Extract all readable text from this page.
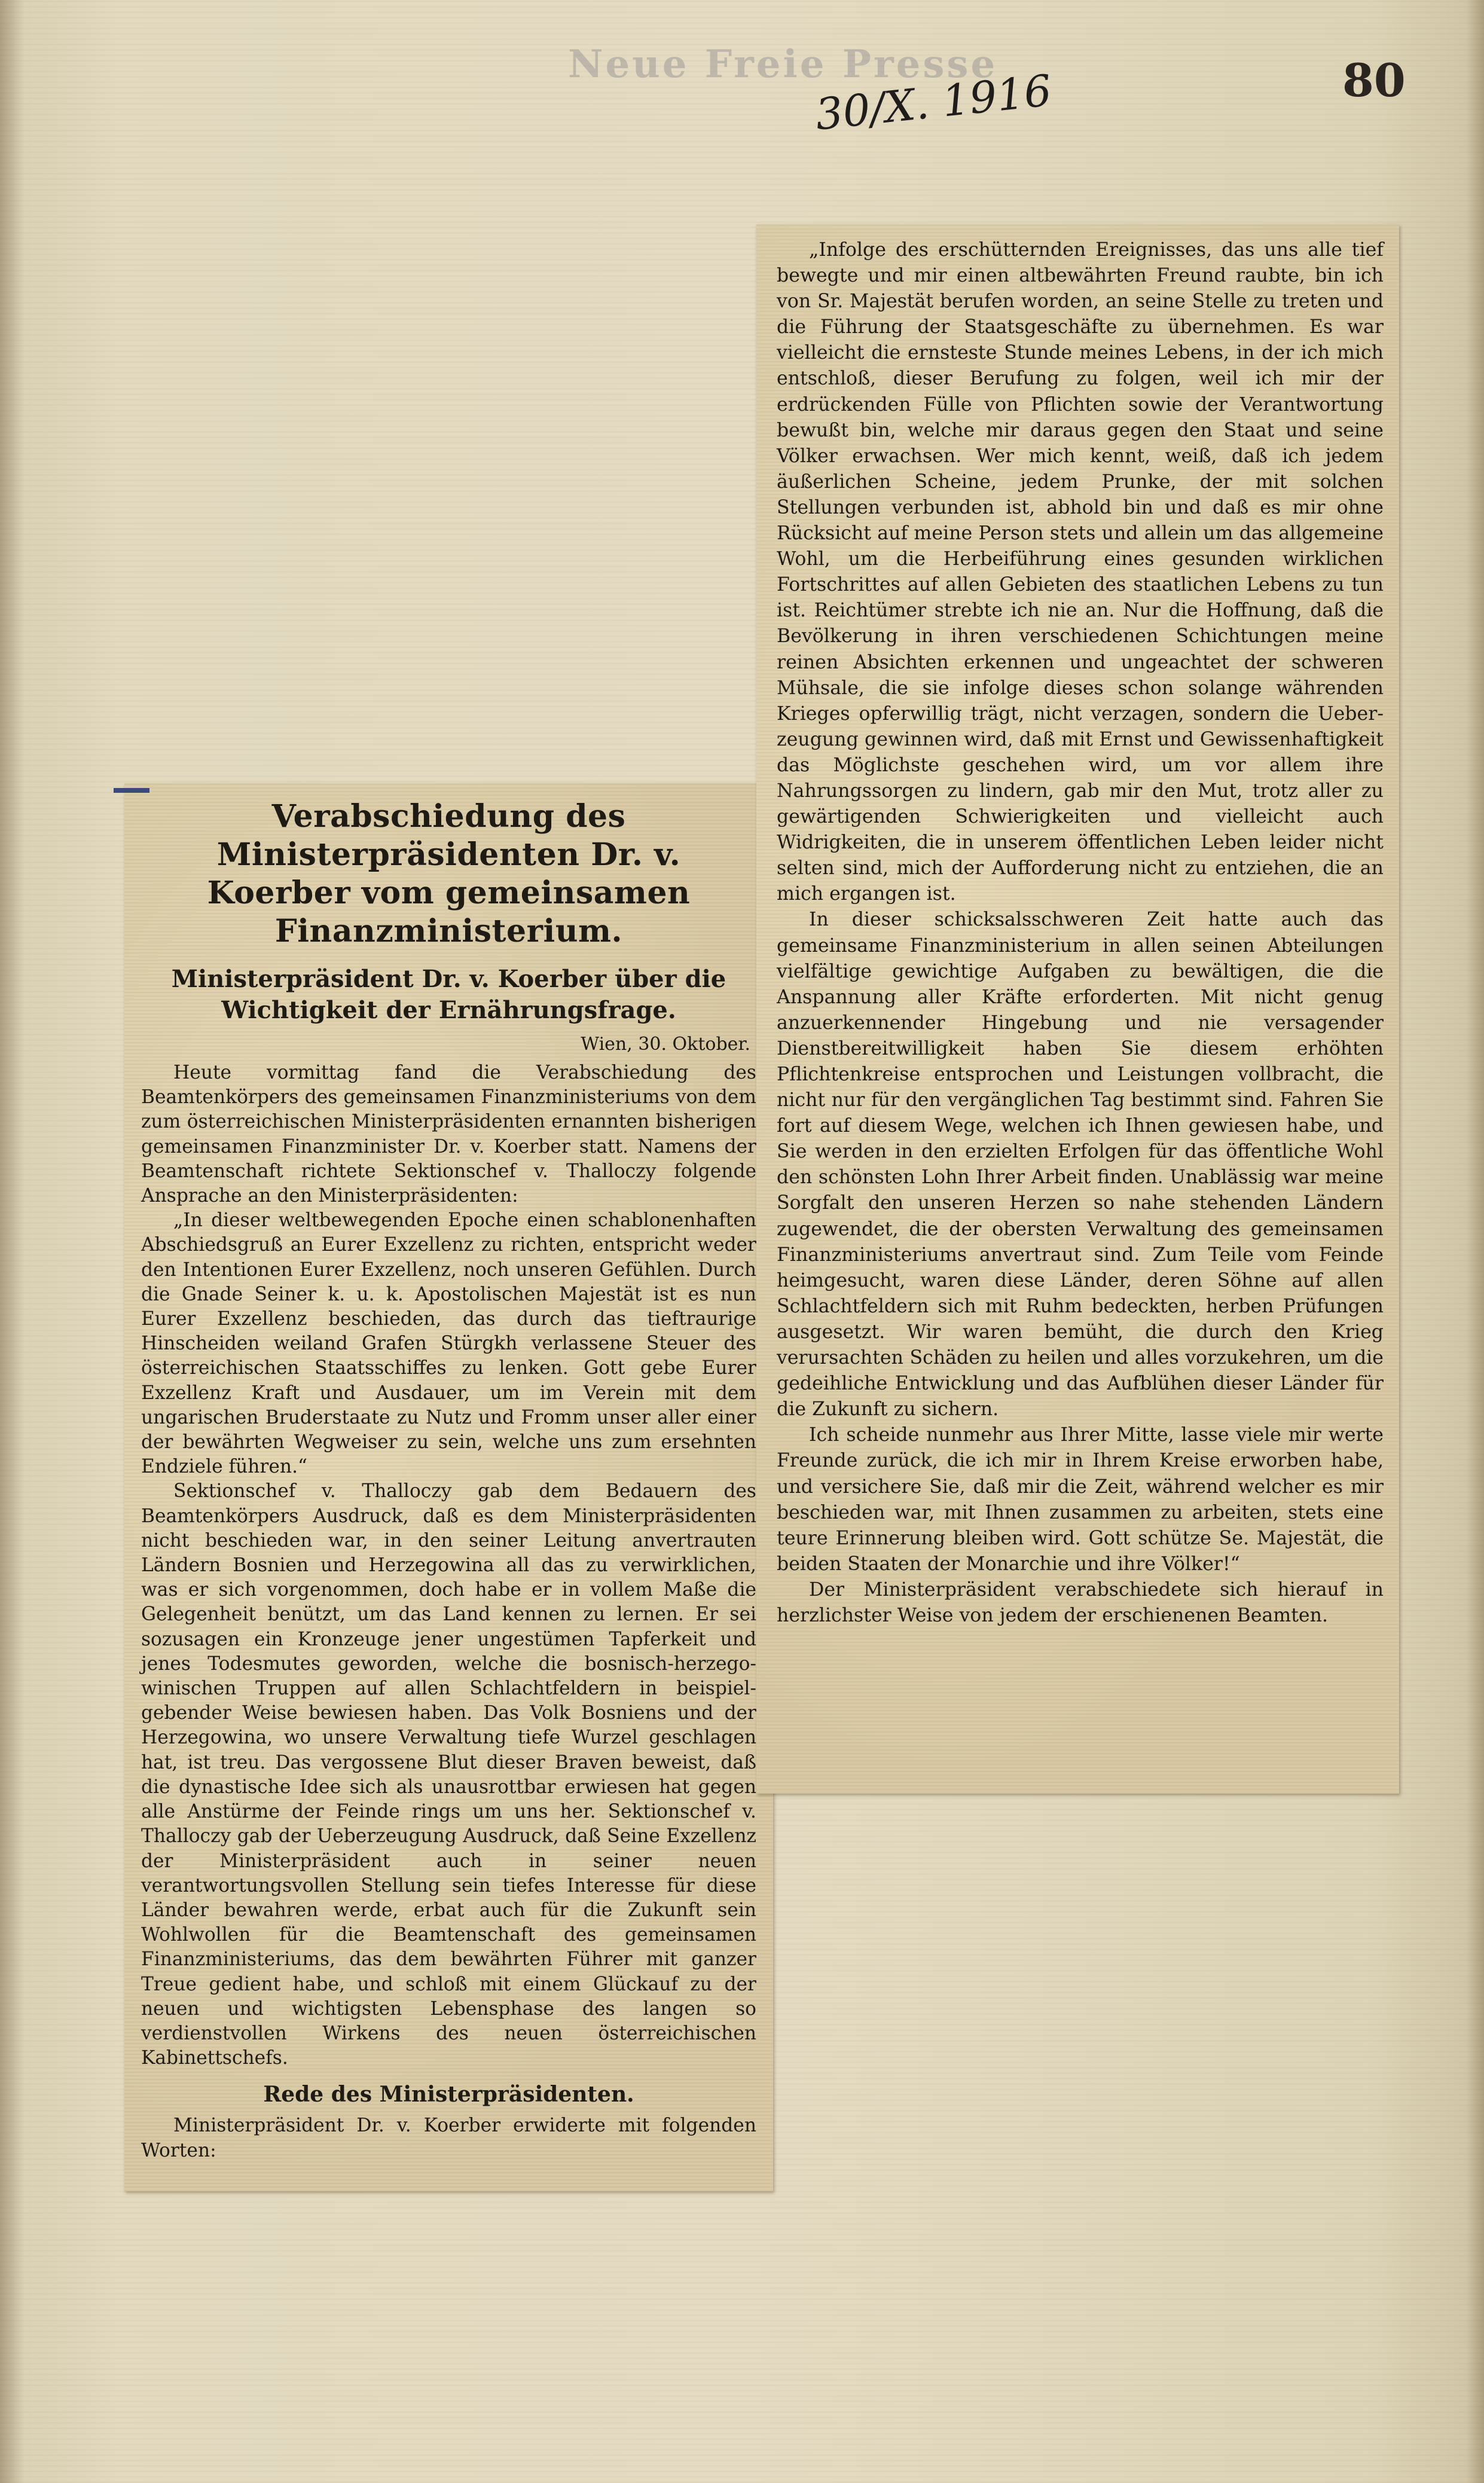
Neue Freie Presse	80
30/X. 1916
Verabschiedung des Ministerpräsidenten Dr. v. Koerber vom gemeinsamen Finanzministerium.
Ministerpräsident Dr. v. Koerber über die Wichtigkeit der Ernährungsfrage.
Wien, 30. Oktober.

Heute vormittag fand die Verabschiedung des Beamtenkörpers des gemeinsamen Finanzministeriums von dem zum österreichischen Ministerpräsidenten ernannten bisherigen gemeinsamen Finanzminister Dr. v. Koerber statt. Namens der Beamtenschaft richtete Sektionschef v. Thalloczy folgende Ansprache an den Ministerpräsidenten:

„In dieser weltbewegenden Epoche einen schablonenhaften Abschiedsgruß an Eurer Exzellenz zu richten, entspricht weder den Intentionen Eurer Exzellenz, noch unseren Gefühlen. Durch die Gnade Seiner k. u. k. Apostolischen Majestät ist es nun Eurer Exzellenz beschieden, das durch das tieftraurige Hinscheiden weiland Grafen Stürgkh verlassene Steuer des österreichischen Staatsschiffes zu lenken. Gott gebe Eurer Exzellenz Kraft und Ausdauer, um im Verein mit dem ungarischen Bruderstaate zu Nutz und Fromm unser aller einer der bewährten Wegweiser zu sein, welche uns zum ersehnten Endziele führen.“

Sektionschef v. Thalloczy gab dem Bedauern des Beamtenkörpers Ausdruck, daß es dem Ministerpräsidenten nicht beschieden war, in den seiner Leitung anvertrauten Ländern Bosnien und Herzegowina all das zu verwirklichen, was er sich vorgenommen, doch habe er in vollem Maße die Gelegenheit benützt, um das Land kennen zu lernen. Er sei sozusagen ein Kronzeuge jener ungestümen Tapferkeit und jenes Todesmutes geworden, welche die bosnisch-herzegowinischen Truppen auf allen Schlachtfeldern in beispielgebender Weise bewiesen haben. Das Volk Bosniens und der Herzegowina, wo unsere Verwaltung tiefe Wurzel geschlagen hat, ist treu. Das vergossene Blut dieser Braven beweist, daß die dynastische Idee sich als unausrottbar erwiesen hat gegen alle Anstürme der Feinde rings um uns her. Sektionschef v. Thalloczy gab der Ueberzeugung Ausdruck, daß Seine Exzellenz der Ministerpräsident auch in seiner neuen verantwortungsvollen Stellung sein tiefes Interesse für diese Länder bewahren werde, erbat auch für die Zukunft sein Wohlwollen für die Beamtenschaft des gemeinsamen Finanzministeriums, das dem bewährten Führer mit ganzer Treue gedient habe, und schloß mit einem Glückauf zu der neuen und wichtigsten Lebensphase des langen so verdienstvollen Wirkens des neuen österreichischen Kabinettschefs.

Rede des Ministerpräsidenten.

Ministerpräsident Dr. v. Koerber erwiderte mit folgenden Worten:

„Infolge des erschütternden Ereignisses, das uns alle tief bewegte und mir einen altbewährten Freund raubte, bin ich von Sr. Majestät berufen worden, an seine Stelle zu treten und die Führung der Staatsgeschäfte zu übernehmen. Es war vielleicht die ernsteste Stunde meines Lebens, in der ich mich entschloß, dieser Berufung zu folgen, weil ich mir der erdrückenden Fülle von Pflichten sowie der Verantwortung bewußt bin, welche mir daraus gegen den Staat und seine Völker erwachsen. Wer mich kennt, weiß, daß ich jedem äußerlichen Scheine, jedem Prunke, der mit solchen Stellungen verbunden ist, abhold bin und daß es mir ohne Rücksicht auf meine Person stets und allein um das allgemeine Wohl, um die Herbeiführung eines gesunden wirklichen Fortschrittes auf allen Gebieten des staatlichen Lebens zu tun ist. Reichtümer strebte ich nie an. Nur die Hoffnung, daß die Bevölkerung in ihren verschiedenen Schichtungen meine reinen Absichten erkennen und ungeachtet der schweren Mühsale, die sie infolge dieses schon solange währenden Krieges opferwillig trägt, nicht verzagen, sondern die Ueberzeugung gewinnen wird, daß mit Ernst und Gewissenhaftigkeit das Möglichste geschehen wird, um vor allem ihre Nahrungssorgen zu lindern, gab mir den Mut, trotz aller zu gewärtigenden Schwierigkeiten und vielleicht auch Widrigkeiten, die in unserem öffentlichen Leben leider nicht selten sind, mich der Aufforderung nicht zu entziehen, die an mich ergangen ist.

In dieser schicksalsschweren Zeit hatte auch das gemeinsame Finanzministerium in allen seinen Abteilungen vielfältige gewichtige Aufgaben zu bewältigen, die die Anspannung aller Kräfte erforderten. Mit nicht genug anzuerkennender Hingebung und nie versagender Dienstbereitwilligkeit haben Sie diesem erhöhten Pflichtenkreise entsprochen und Leistungen vollbracht, die nicht nur für den vergänglichen Tag bestimmt sind. Fahren Sie fort auf diesem Wege, welchen ich Ihnen gewiesen habe, und Sie werden in den erzielten Erfolgen für das öffentliche Wohl den schönsten Lohn Ihrer Arbeit finden. Unablässig war meine Sorgfalt den unseren Herzen so nahe stehenden Ländern zugewendet, die der obersten Verwaltung des gemeinsamen Finanzministeriums anvertraut sind. Zum Teile vom Feinde heimgesucht, waren diese Länder, deren Söhne auf allen Schlachtfeldern sich mit Ruhm bedeckten, herben Prüfungen ausgesetzt. Wir waren bemüht, die durch den Krieg verursachten Schäden zu heilen und alles vorzukehren, um die gedeihliche Entwicklung und das Aufblühen dieser Länder für die Zukunft zu sichern.

Ich scheide nunmehr aus Ihrer Mitte, lasse viele mir werte Freunde zurück, die ich mir in Ihrem Kreise erworben habe, und versichere Sie, daß mir die Zeit, während welcher es mir beschieden war, mit Ihnen zusammen zu arbeiten, stets eine teure Erinnerung bleiben wird. Gott schütze Se. Majestät, die beiden Staaten der Monarchie und ihre Völker!“

Der Ministerpräsident verabschiedete sich hierauf in herzlichster Weise von jedem der erschienenen Beamten.
